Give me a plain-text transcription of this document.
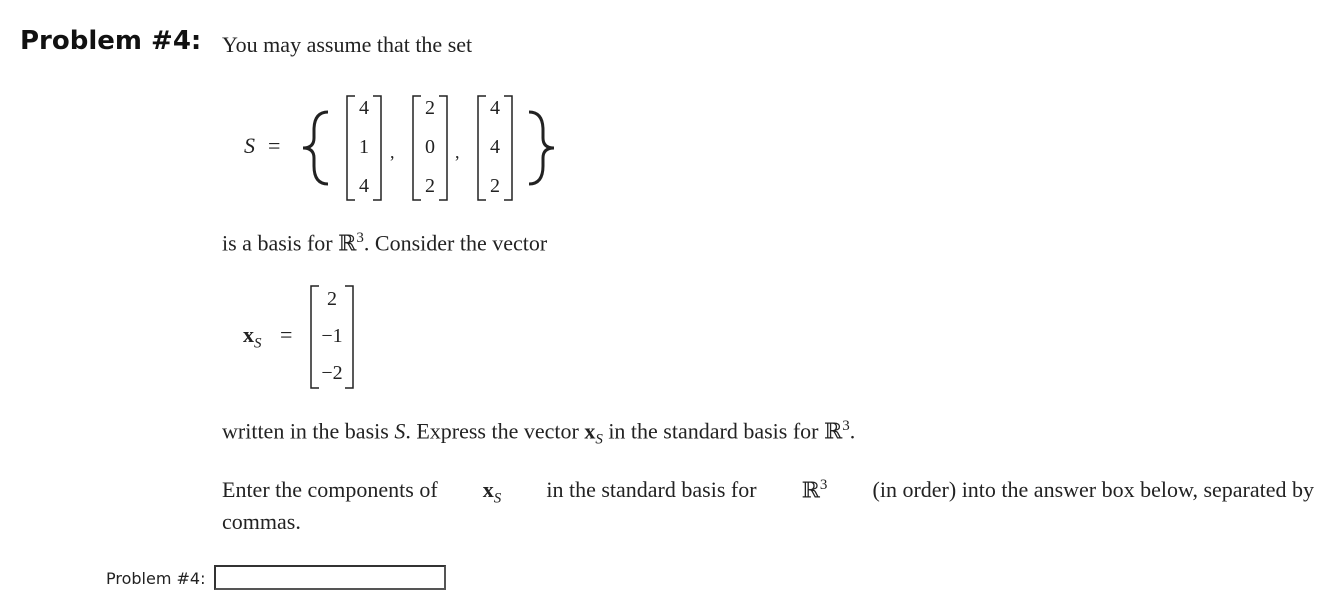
Problem #4: You may assume that the set
S =	,	,
4
1
4
2
0
2
4
4
2
is a basis for ℝ$^3$. Consider the vector
$x_S$ =
2
−1
−2
written in the basis S. Express the vector $x_S$ in the standard basis for ℝ$^3$.
Enter the components of $x_S$ in the standard basis for ℝ$^3$ (in order) into the answer box below, separated by
commas.
Problem #4:
